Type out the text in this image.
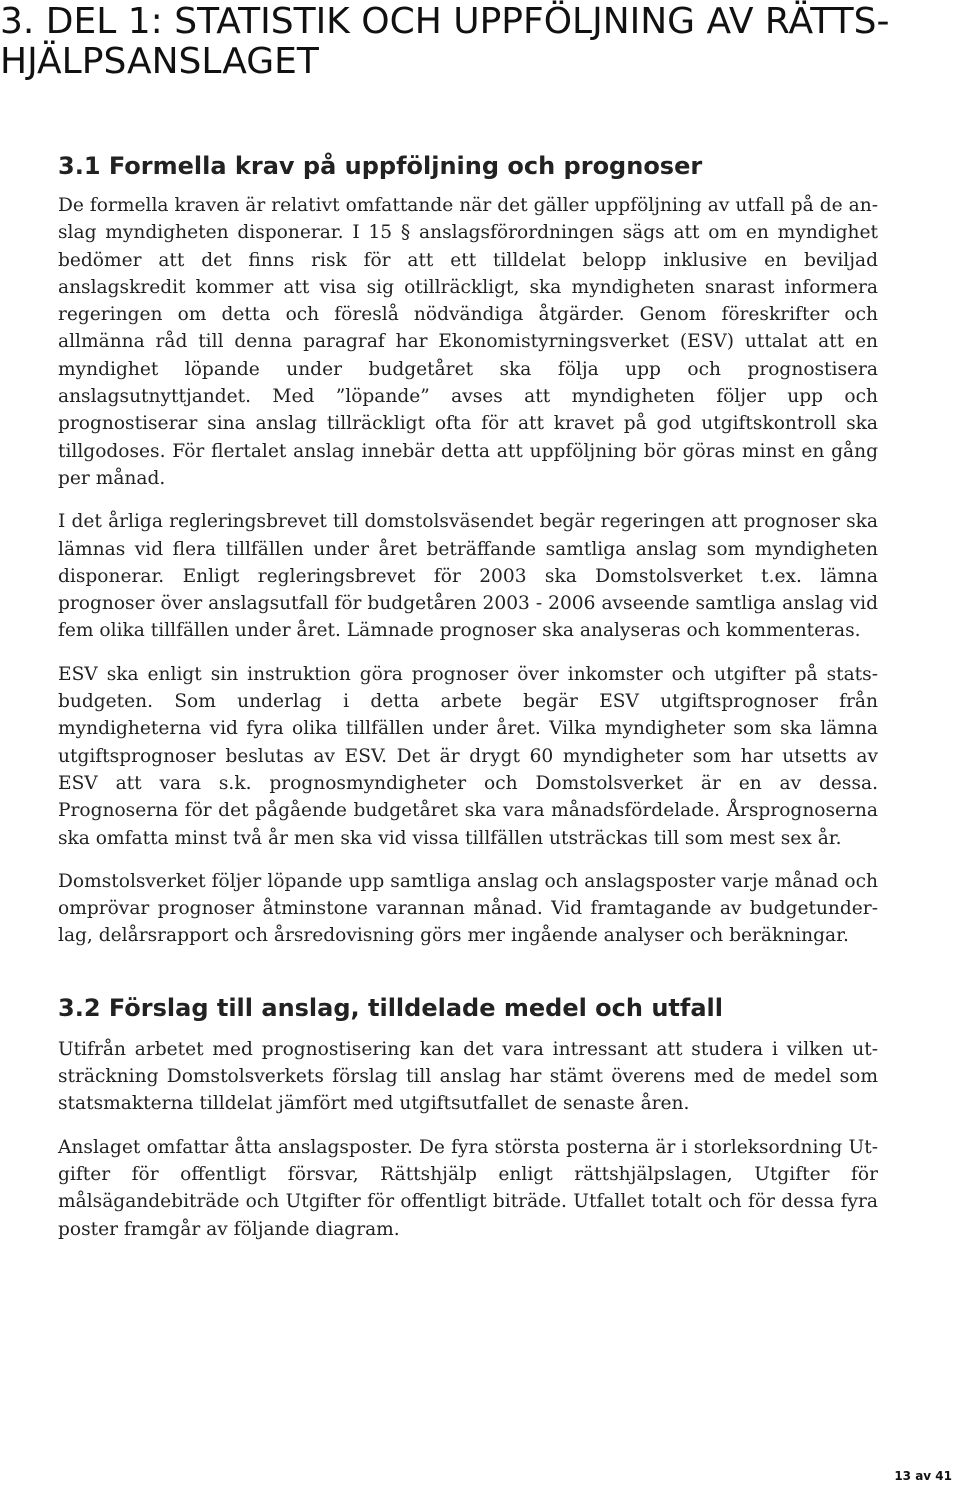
3. DEL 1: STATISTIK OCH UPPFÖLJNING AV RÄTTS-
HJÄLPSANSLAGET
3.1 Formella krav på uppföljning och prognoser

De formella kraven är relativt omfattande när det gäller uppföljning av utfall på de anslag myndigheten disponerar. I 15 § anslagsförordningen sägs att om en myndighet bedömer att det finns risk för att ett tilldelat belopp inklusive en beviljad anslagskredit kommer att visa sig otillräckligt, ska myndigheten snarast informera regeringen om detta och föreslå nödvändiga åtgärder. Genom föreskrifter och allmänna råd till denna paragraf har Ekonomistyrningsverket (ESV) uttalat att en myndighet löpande under budgetåret ska följa upp och prognostisera anslagsutnyttjandet. Med ”löpande” avses att myndigheten följer upp och prognostiserar sina anslag tillräckligt ofta för att kravet på god utgiftskontroll ska tillgodoses. För flertalet anslag innebär detta att uppföljning bör göras minst en gång per månad.

I det årliga regleringsbrevet till domstolsväsendet begär regeringen att prognoser ska lämnas vid flera tillfällen under året beträffande samtliga anslag som myndigheten disponerar. Enligt regleringsbrevet för 2003 ska Domstolsverket t.ex. lämna prognoser över anslagsutfall för budgetåren 2003 - 2006 avseende samtliga anslag vid fem olika tillfällen under året. Lämnade prognoser ska analyseras och kommenteras.

ESV ska enligt sin instruktion göra prognoser över inkomster och utgifter på statsbudgeten. Som underlag i detta arbete begär ESV utgiftsprognoser från myndigheterna vid fyra olika tillfällen under året. Vilka myndigheter som ska lämna utgiftsprognoser beslutas av ESV. Det är drygt 60 myndigheter som har utsetts av ESV att vara s.k. prognosmyndigheter och Domstolsverket är en av dessa. Prognoserna för det pågående budgetåret ska vara månadsfördelade. Årsprognoserna ska omfatta minst två år men ska vid vissa tillfällen utsträckas till som mest sex år.

Domstolsverket följer löpande upp samtliga anslag och anslagsposter varje månad och omprövar prognoser åtminstone varannan månad. Vid framtagande av budgetunderlag, delårsrapport och årsredovisning görs mer ingående analyser och beräkningar.

3.2 Förslag till anslag, tilldelade medel och utfall

Utifrån arbetet med prognostisering kan det vara intressant att studera i vilken utsträckning Domstolsverkets förslag till anslag har stämt överens med de medel som statsmakterna tilldelat jämfört med utgiftsutfallet de senaste åren.

Anslaget omfattar åtta anslagsposter. De fyra största posterna är i storleksordning Utgifter för offentligt försvar, Rättshjälp enligt rättshjälpslagen, Utgifter för målsägandebiträde och Utgifter för offentligt biträde. Utfallet totalt och för dessa fyra poster framgår av följande diagram.

13 av 41
